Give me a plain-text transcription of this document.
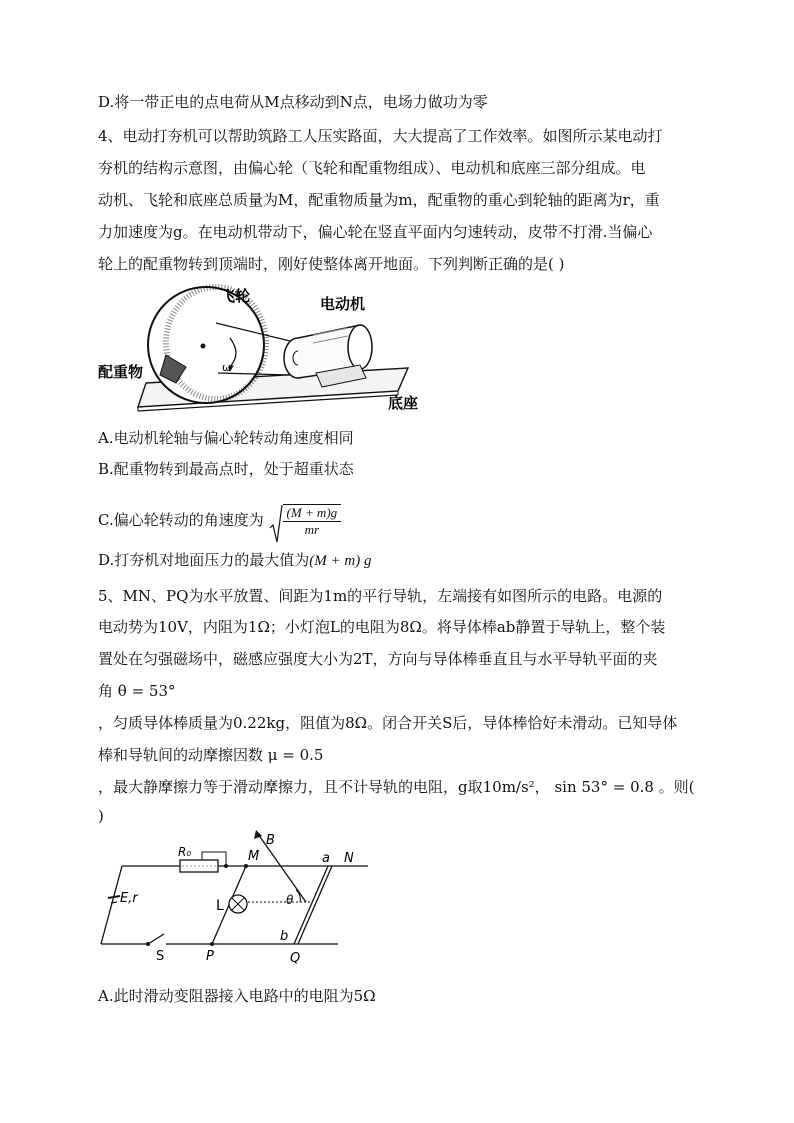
D.将一带正电的点电荷从M点移动到N点，电场力做功为零
4、电动打夯机可以帮助筑路工人压实路面，大大提高了工作效率。如图所示某电动打
夯机的结构示意图，由偏心轮（飞轮和配重物组成）、电动机和底座三部分组成。电
动机、飞轮和底座总质量为M，配重物质量为m，配重物的重心到轮轴的距离为r，重
力加速度为g。在电动机带动下，偏心轮在竖直平面内匀速转动，皮带不打滑.当偏心
轮上的配重物转到顶端时，刚好使整体离开地面。下列判断正确的是( )
飞轮	电动机
配重物
底座
ω
A.电动机轮轴与偏心轮转动角速度相同
B.配重物转到最高点时，处于超重状态
C.偏心轮转动的角速度为 $\frac{(M + m)g}{mr}$
D.打夯机对地面压力的最大值为(M + m) g
5、MN、PQ为水平放置、间距为1m的平行导轨，左端接有如图所示的电路。电源的
电动势为10V，内阻为1Ω；小灯泡L的电阻为8Ω。将导体棒ab静置于导轨上，整个装
置处在匀强磁场中，磁感应强度大小为2T，方向与导体棒垂直且与水平导轨平面的夹
角 θ = 53°
，匀质导体棒质量为0.22kg，阻值为8Ω。闭合开关S后，导体棒恰好未滑动。已知导体
棒和导轨间的动摩擦因数 μ = 0.5
，最大静摩擦力等于滑动摩擦力，且不计导轨的电阻，g取10m/s²， sin 53° = 0.8 。则(
)
R₀	M
B
a N
E,r	L	θ
b
S	P	Q
A.此时滑动变阻器接入电路中的电阻为5Ω
